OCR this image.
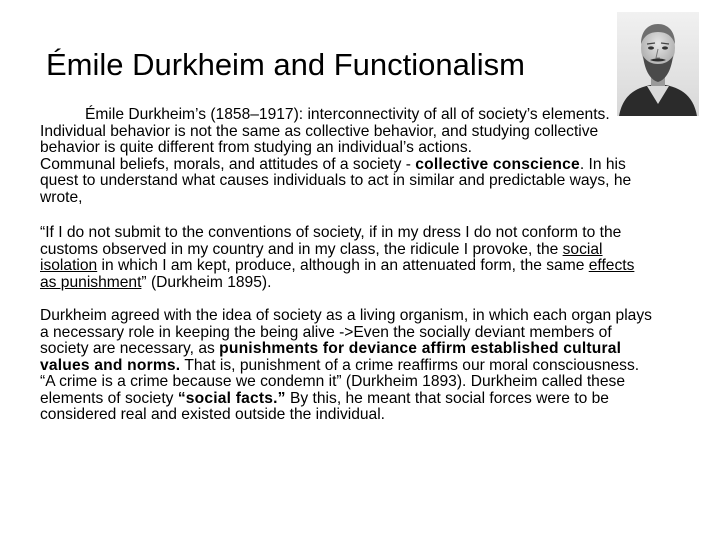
Émile Durkheim and Functionalism

Émile Durkheim’s (1858–1917): interconnectivity of all of society’s elements. Individual behavior is not the same as collective behavior, and studying collective behavior is quite different from studying an individual’s actions.

Communal beliefs, morals, and attitudes of a society - collective conscience. In his quest to understand what causes individuals to act in similar and predictable ways, he wrote,

“If I do not submit to the conventions of society, if in my dress I do not conform to the customs observed in my country and in my class, the ridicule I provoke, the social isolation in which I am kept, produce, although in an attenuated form, the same effects as punishment” (Durkheim 1895).

Durkheim agreed with the idea of society as a living organism, in which each organ plays a necessary role in keeping the being alive ->Even the socially deviant members of society are necessary, as punishments for deviance affirm established cultural values and norms. That is, punishment of a crime reaffirms our moral consciousness. “A crime is a crime because we condemn it” (Durkheim 1893). Durkheim called these elements of society “social facts.” By this, he meant that social forces were to be considered real and existed outside the individual.
